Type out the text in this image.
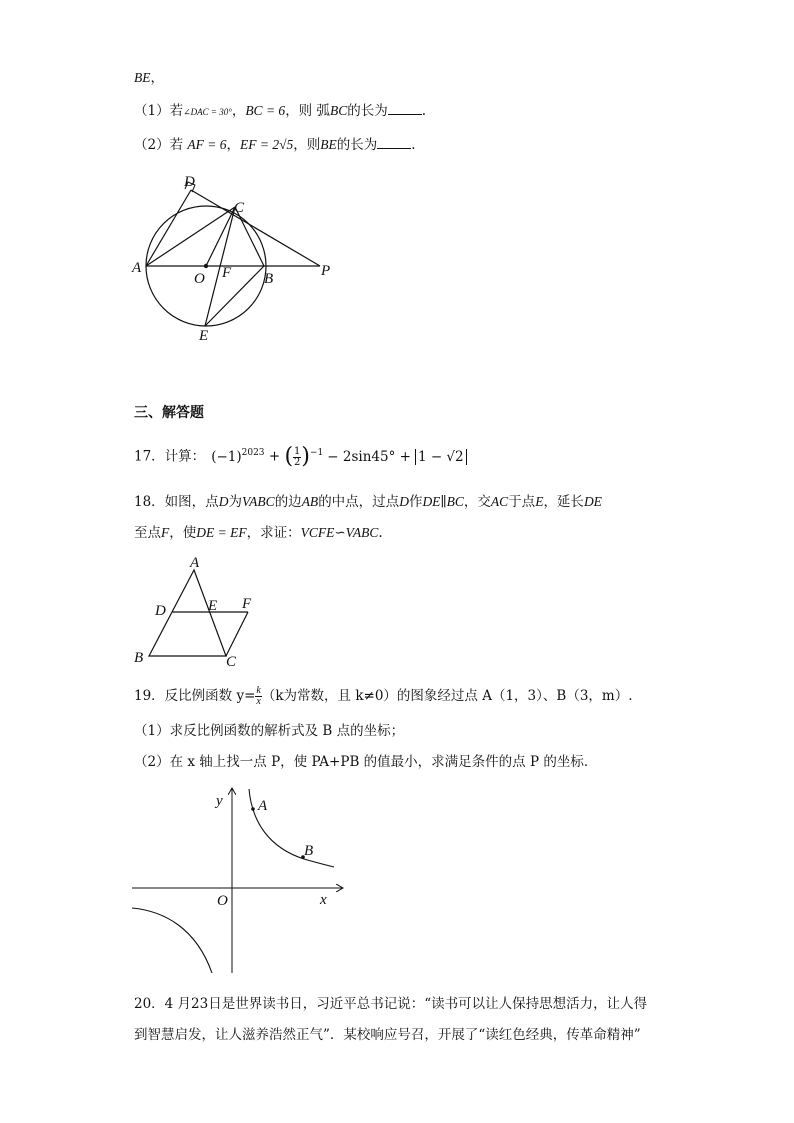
BE，
（1）若∠DAC = 30°，BC = 6，则 弧BC的长为	.
（2）若 AF = 6，EF = 2√5，则BE的长为	.
D
C
A
O F B	P
E
三、解答题
17．计算： $(-1)^{2023}$ + ( $\frac{1}{2} )^{-1} - 2\sin 45^\circ + 1 - √2$
18．如图，点D为VABC的边AB的中点，过点D作DE∥BC，交AC于点E，延长DE
至点F，使DE = EF，求证：VCFE∽VABC.
A
D	E F
B	C
19．反比例函数 $y= \frac{k}{x} (k$为常数，且 k≠0）的图象经过点 A（1，3）、B（3，m）.
（1）求反比例函数的解析式及 B 点的坐标；
（2）在 x 轴上找一点 P，使 PA+PB 的值最小，求满足条件的点 P 的坐标．
y A
B
O	x
20．4 月23日是世界读书日，习近平总书记说：“读书可以让人保持思想活力，让人得
到智慧启发，让人滋养浩然正气”．某校响应号召，开展了“读红色经典，传革命精神”
